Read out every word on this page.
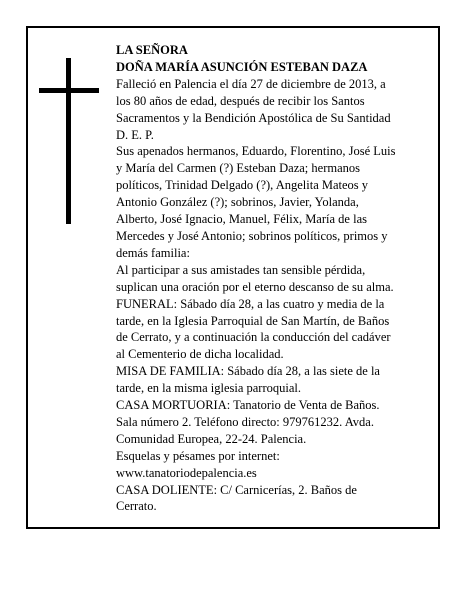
LA SEÑORA

DOÑA MARÍA ASUNCIÓN ESTEBAN DAZA

Falleció en Palencia el día 27 de diciembre de 2013, a

los 80 años de edad, después de recibir los Santos

Sacramentos y la Bendición Apostólica de Su Santidad

D. E. P.

Sus apenados hermanos, Eduardo, Florentino, José Luis

y María del Carmen (?) Esteban Daza; hermanos

políticos, Trinidad Delgado (?), Angelita Mateos y

Antonio González (?); sobrinos, Javier, Yolanda,

Alberto, José Ignacio, Manuel, Félix, María de las

Mercedes y José Antonio; sobrinos políticos, primos y

demás familia:

Al participar a sus amistades tan sensible pérdida,

suplican una oración por el eterno descanso de su alma.

FUNERAL: Sábado día 28, a las cuatro y media de la

tarde, en la Iglesia Parroquial de San Martín, de Baños

de Cerrato, y a continuación la conducción del cadáver

al Cementerio de dicha localidad.

MISA DE FAMILIA: Sábado día 28, a las siete de la

tarde, en la misma iglesia parroquial.

CASA MORTUORIA: Tanatorio de Venta de Baños.

Sala número 2. Teléfono directo: 979761232. Avda.

Comunidad Europea, 22-24. Palencia.

Esquelas y pésames por internet:

www.tanatoriodepalencia.es

CASA DOLIENTE: C/ Carnicerías, 2. Baños de

Cerrato.
